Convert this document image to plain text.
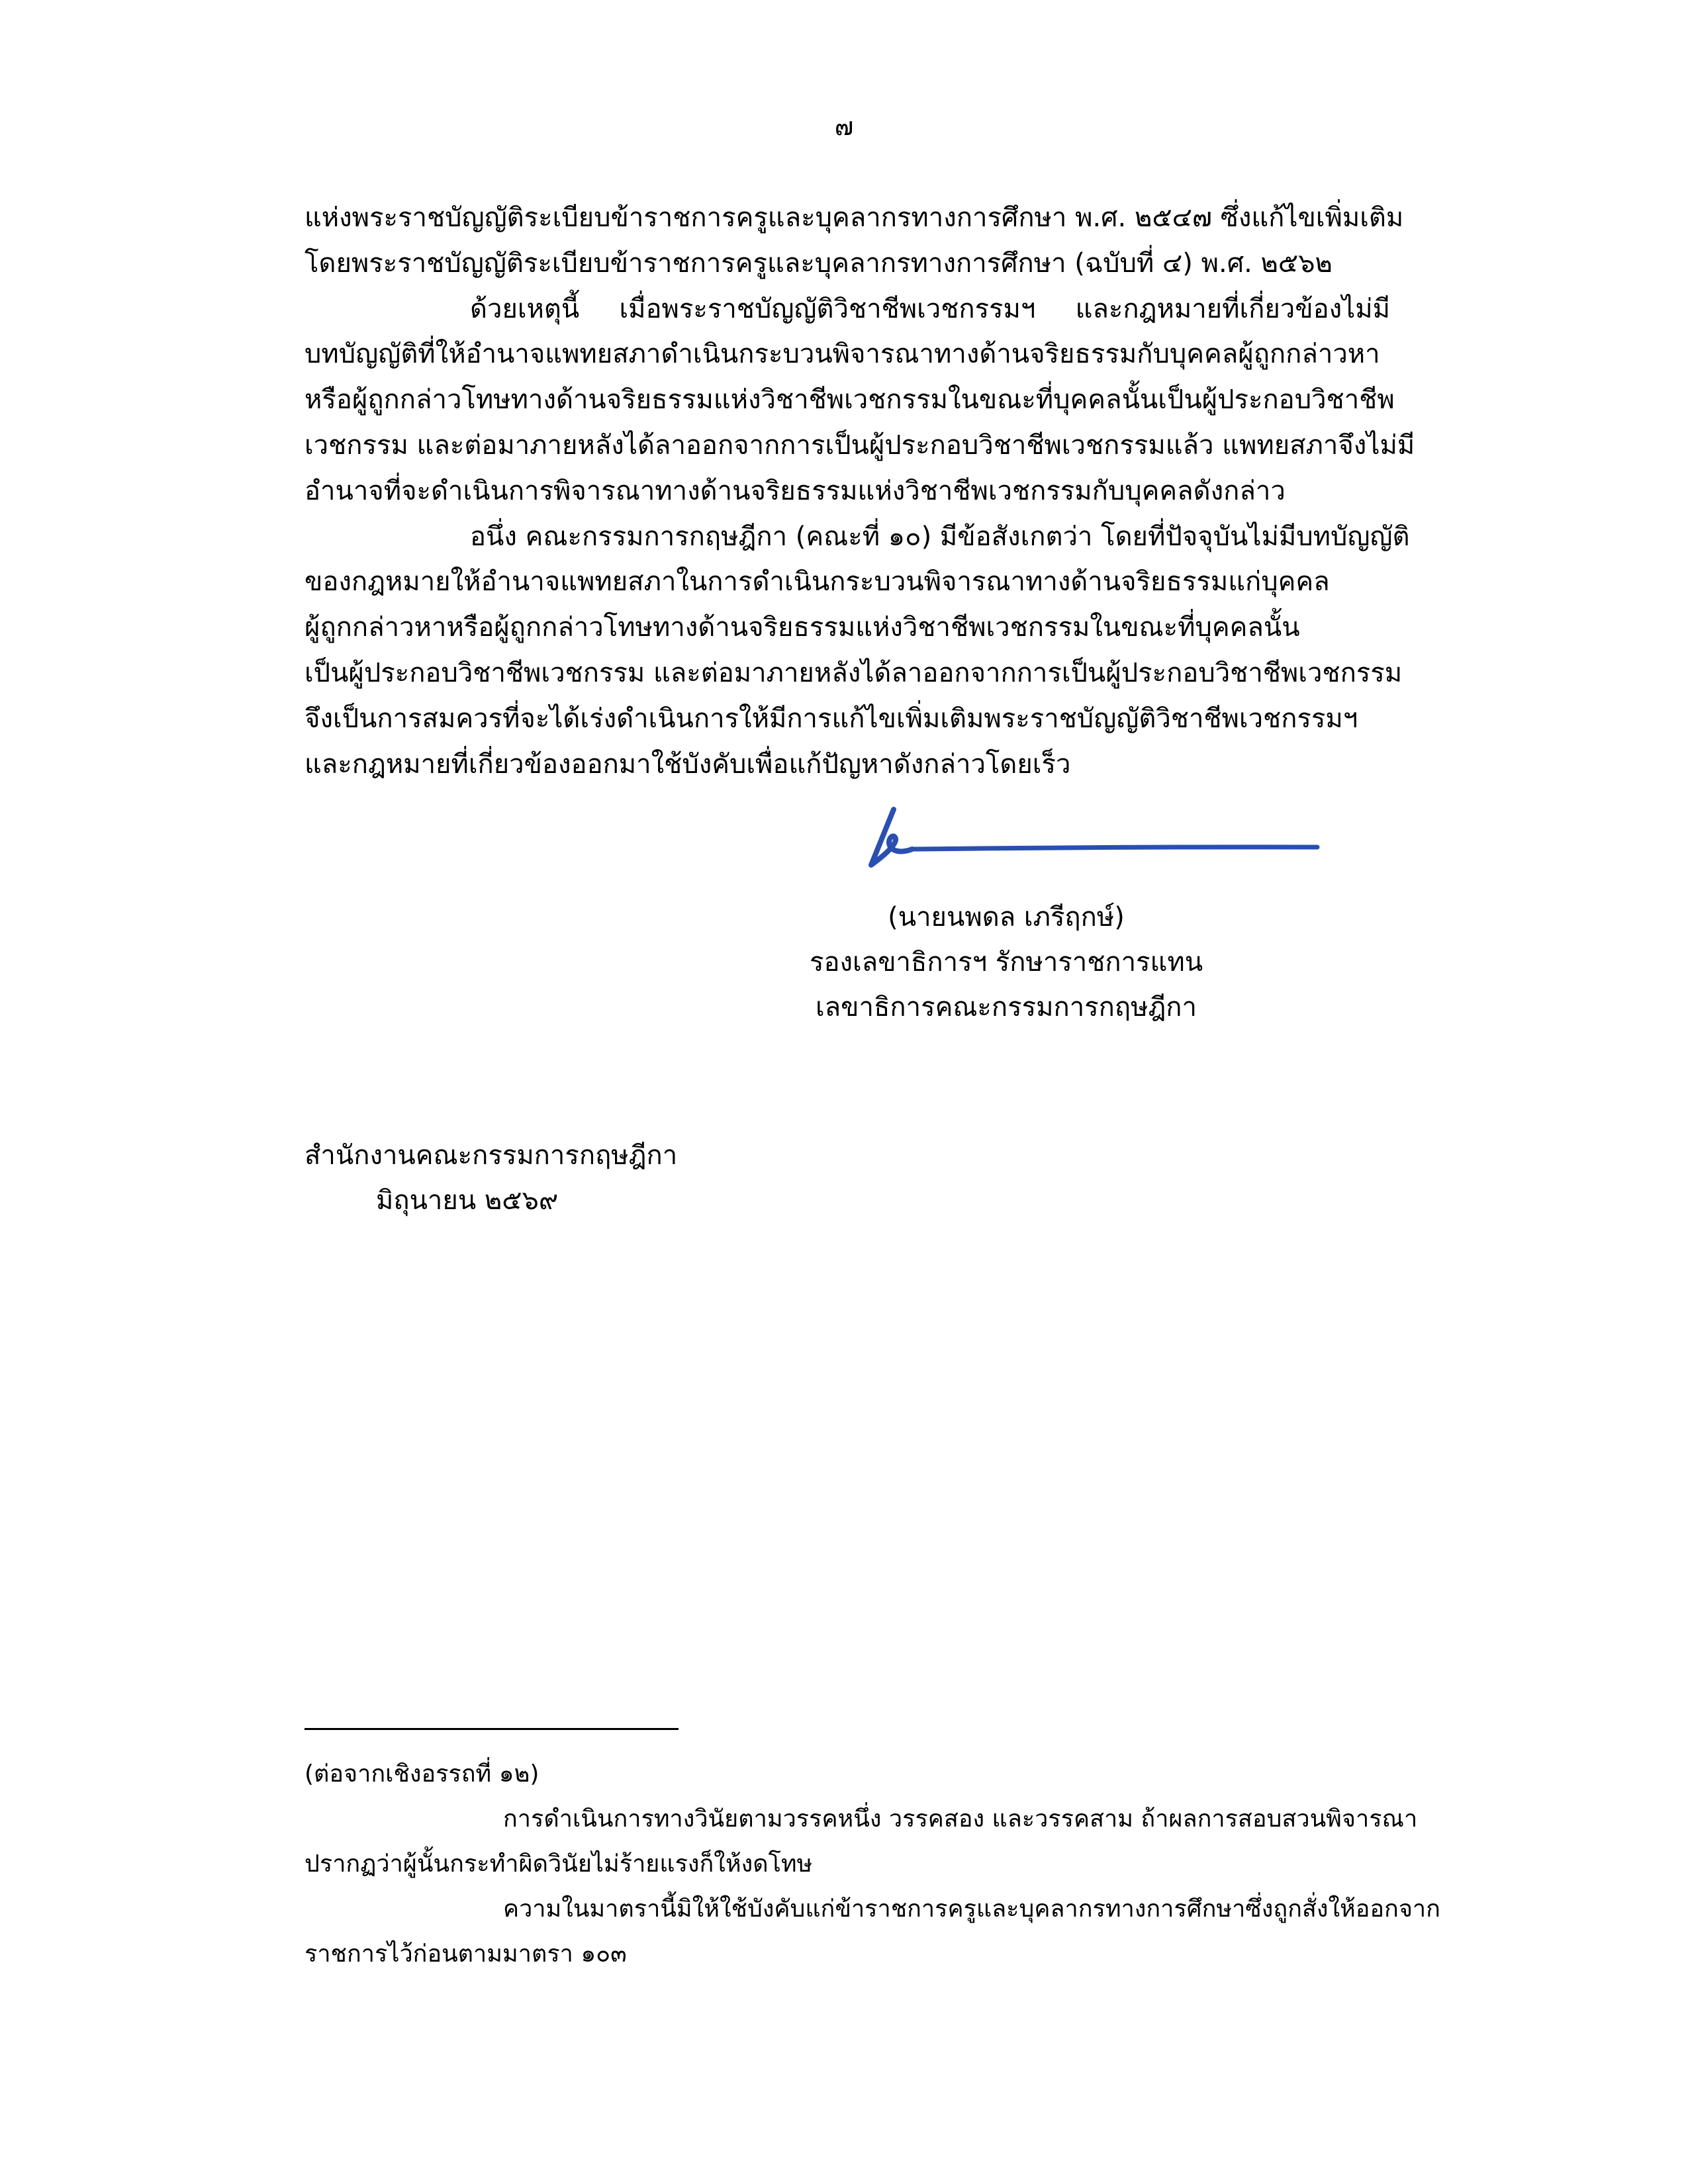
๗
แห่งพระราชบัญญัติระเบียบข้าราชการครูและบุคลากรทางการศึกษา พ.ศ. ๒๕๔๗ ซึ่งแก้ไขเพิ่มเติม
โดยพระราชบัญญัติระเบียบข้าราชการครูและบุคลากรทางการศึกษา (ฉบับที่ ๔) พ.ศ. ๒๕๖๒
ด้วยเหตุนี้ เมื่อพระราชบัญญัติวิชาชีพเวชกรรมฯ และกฎหมายที่เกี่ยวข้องไม่มี
บทบัญญัติที่ให้อำนาจแพทยสภาดำเนินกระบวนพิจารณาทางด้านจริยธรรมกับบุคคลผู้ถูกกล่าวหา
หรือผู้ถูกกล่าวโทษทางด้านจริยธรรมแห่งวิชาชีพเวชกรรมในขณะที่บุคคลนั้นเป็นผู้ประกอบวิชาชีพ
เวชกรรม และต่อมาภายหลังได้ลาออกจากการเป็นผู้ประกอบวิชาชีพเวชกรรมแล้ว แพทยสภาจึงไม่มี
อำนาจที่จะดำเนินการพิจารณาทางด้านจริยธรรมแห่งวิชาชีพเวชกรรมกับบุคคลดังกล่าว
อนึ่ง คณะกรรมการกฤษฎีกา (คณะที่ ๑๐) มีข้อสังเกตว่า โดยที่ปัจจุบันไม่มีบทบัญญัติ
ของกฎหมายให้อำนาจแพทยสภาในการดำเนินกระบวนพิจารณาทางด้านจริยธรรมแก่บุคคล
ผู้ถูกกล่าวหาหรือผู้ถูกกล่าวโทษทางด้านจริยธรรมแห่งวิชาชีพเวชกรรมในขณะที่บุคคลนั้น
เป็นผู้ประกอบวิชาชีพเวชกรรม และต่อมาภายหลังได้ลาออกจากการเป็นผู้ประกอบวิชาชีพเวชกรรม
จึงเป็นการสมควรที่จะได้เร่งดำเนินการให้มีการแก้ไขเพิ่มเติมพระราชบัญญัติวิชาชีพเวชกรรมฯ
และกฎหมายที่เกี่ยวข้องออกมาใช้บังคับเพื่อแก้ปัญหาดังกล่าวโดยเร็ว
(นายนพดล เภรีฤกษ์)
รองเลขาธิการฯ รักษาราชการแทน
เลขาธิการคณะกรรมการกฤษฎีกา
สำนักงานคณะกรรมการกฤษฎีกา
มิถุนายน ๒๕๖๙
(ต่อจากเชิงอรรถที่ ๑๒)
การดำเนินการทางวินัยตามวรรคหนึ่ง วรรคสอง และวรรคสาม ถ้าผลการสอบสวนพิจารณา
ปรากฏว่าผู้นั้นกระทำผิดวินัยไม่ร้ายแรงก็ให้งดโทษ
ความในมาตรานี้มิให้ใช้บังคับแก่ข้าราชการครูและบุคลากรทางการศึกษาซึ่งถูกสั่งให้ออกจาก
ราชการไว้ก่อนตามมาตรา ๑๐๓
